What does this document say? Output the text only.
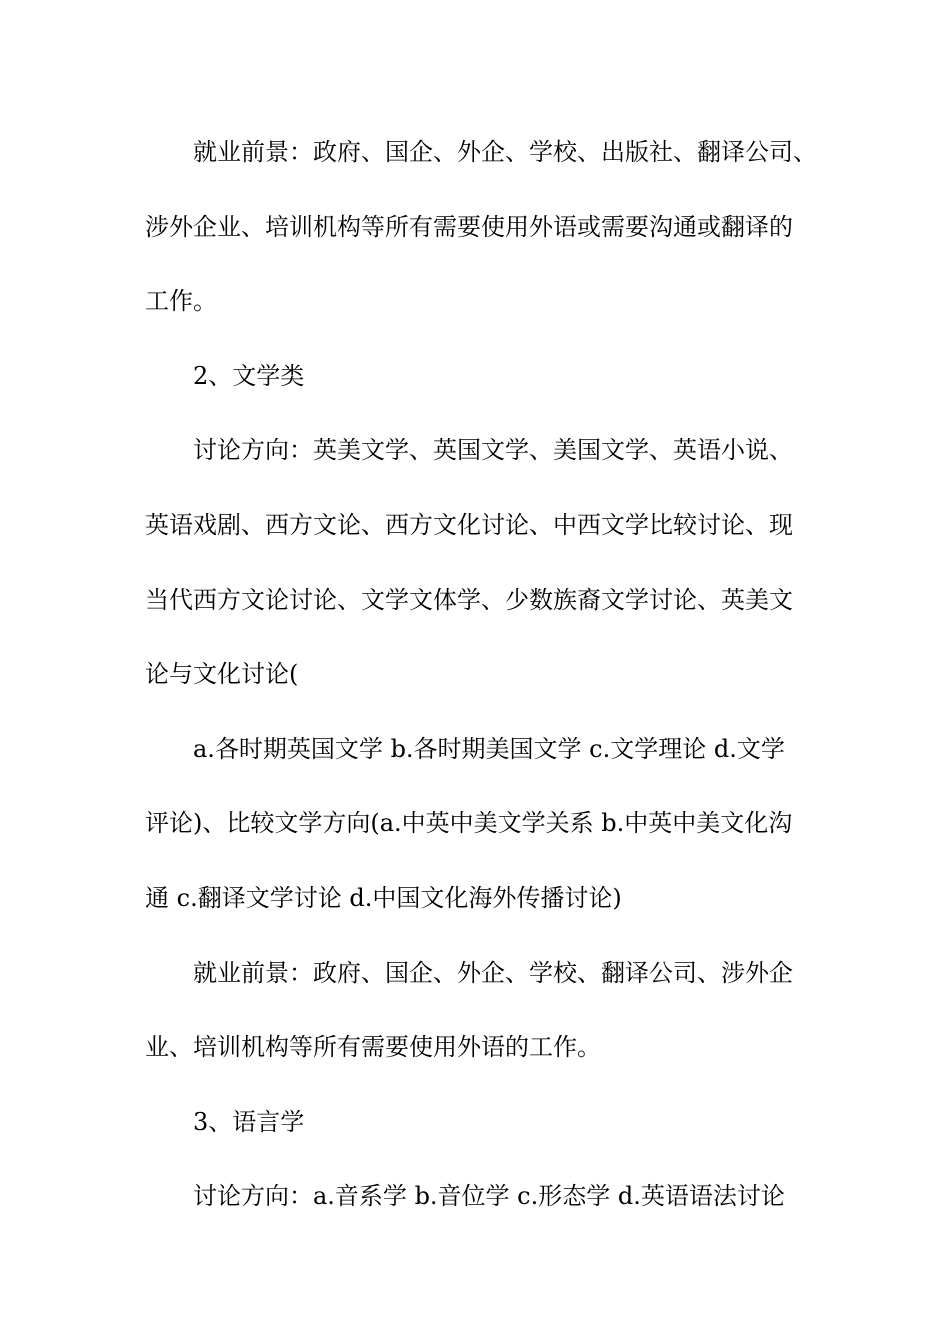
就业前景：政府、国企、外企、学校、出版社、翻译公司、
涉外企业、培训机构等所有需要使用外语或需要沟通或翻译的
工作。
2、文学类
讨论方向：英美文学、英国文学、美国文学、英语小说、
英语戏剧、西方文论、西方文化讨论、中西文学比较讨论、现
当代西方文论讨论、文学文体学、少数族裔文学讨论、英美文
论与文化讨论(
a.各时期英国文学 b.各时期美国文学 c.文学理论 d.文学
评论)、比较文学方向(a.中英中美文学关系 b.中英中美文化沟
通 c.翻译文学讨论 d.中国文化海外传播讨论)
就业前景：政府、国企、外企、学校、翻译公司、涉外企
业、培训机构等所有需要使用外语的工作。
3、语言学
讨论方向：a.音系学 b.音位学 c.形态学 d.英语语法讨论
